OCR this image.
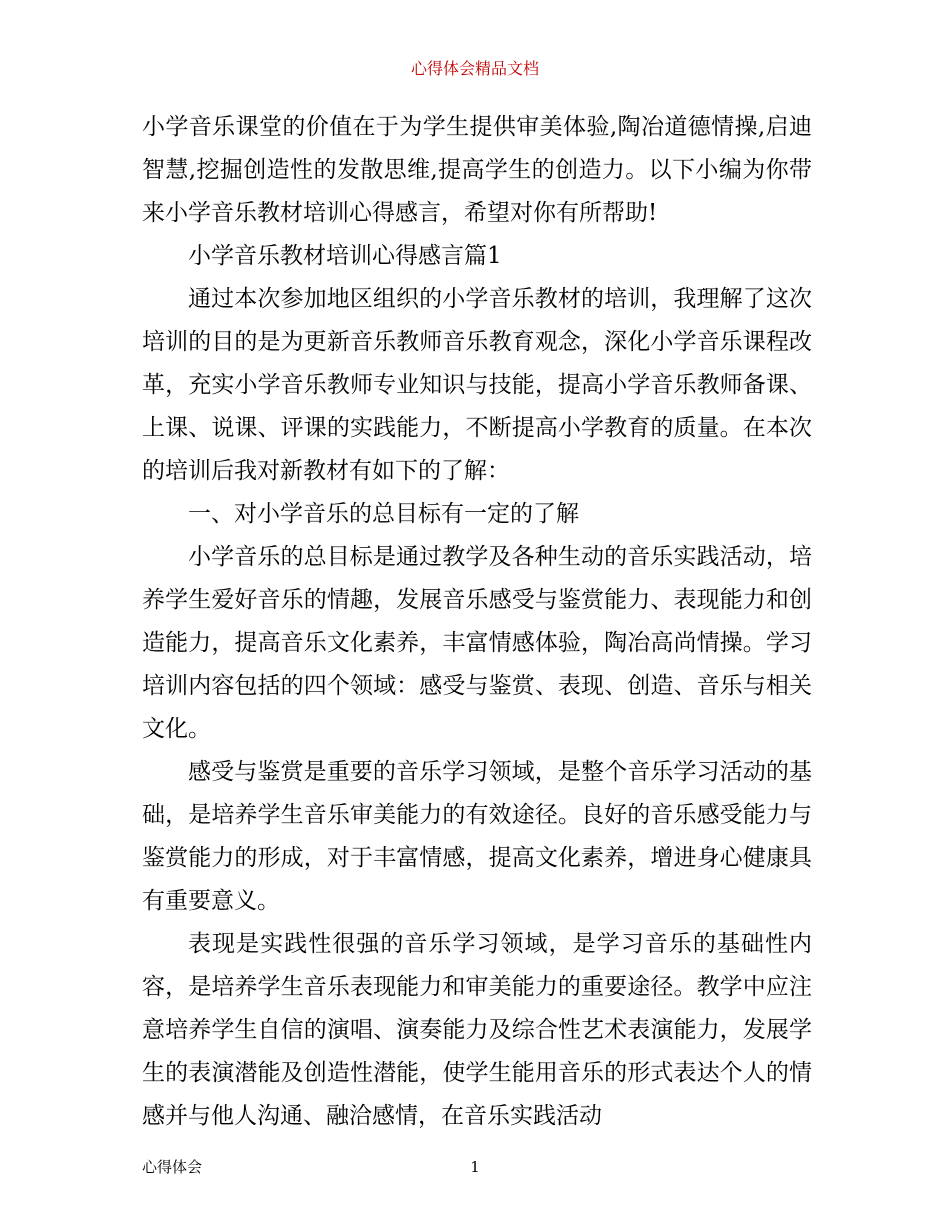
心得体会精品文档

小学音乐课堂的价值在于为学生提供审美体验,陶冶道德情操,启迪智慧,挖掘创造性的发散思维,提高学生的创造力。以下小编为你带来小学音乐教材培训心得感言，希望对你有所帮助!

小学音乐教材培训心得感言篇1

通过本次参加地区组织的小学音乐教材的培训，我理解了这次培训的目的是为更新音乐教师音乐教育观念，深化小学音乐课程改革，充实小学音乐教师专业知识与技能，提高小学音乐教师备课、上课、说课、评课的实践能力，不断提高小学教育的质量。在本次的培训后我对新教材有如下的了解：

一、对小学音乐的总目标有一定的了解

小学音乐的总目标是通过教学及各种生动的音乐实践活动，培养学生爱好音乐的情趣，发展音乐感受与鉴赏能力、表现能力和创造能力，提高音乐文化素养，丰富情感体验，陶冶高尚情操。学习培训内容包括的四个领域：感受与鉴赏、表现、创造、音乐与相关文化。

感受与鉴赏是重要的音乐学习领域，是整个音乐学习活动的基础，是培养学生音乐审美能力的有效途径。良好的音乐感受能力与鉴赏能力的形成，对于丰富情感，提高文化素养，增进身心健康具有重要意义。

表现是实践性很强的音乐学习领域，是学习音乐的基础性内容，是培养学生音乐表现能力和审美能力的重要途径。教学中应注意培养学生自信的演唱、演奏能力及综合性艺术表演能力，发展学生的表演潜能及创造性潜能，使学生能用音乐的形式表达个人的情感并与他人沟通、融洽感情，在音乐实践活动

心得体会	1
